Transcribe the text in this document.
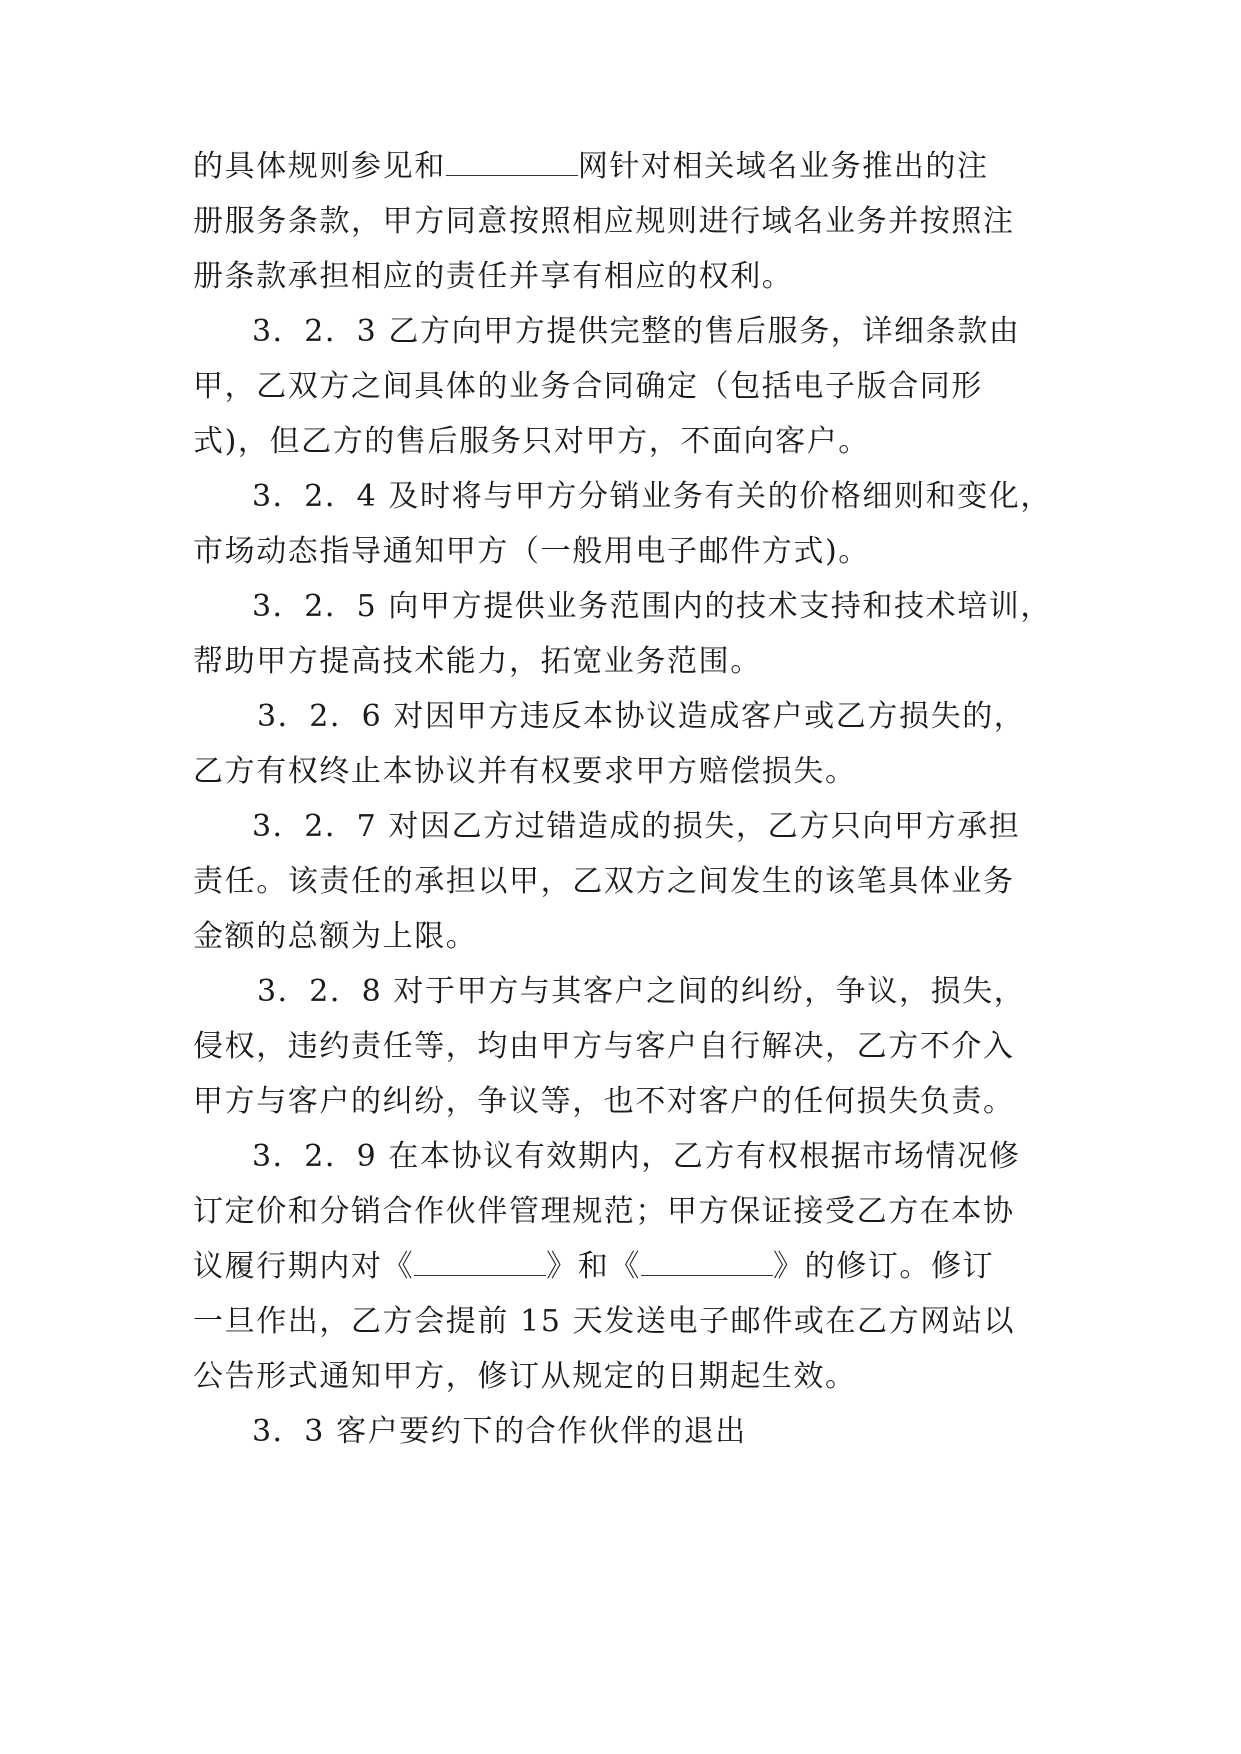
的具体规则参见和	网针对相关域名业务推出的注
册服务条款，甲方同意按照相应规则进行域名业务并按照注
册条款承担相应的责任并享有相应的权利。
3．2．3 乙方向甲方提供完整的售后服务，详细条款由
甲，乙双方之间具体的业务合同确定（包括电子版合同形
式)，但乙方的售后服务只对甲方，不面向客户。
3．2．4 及时将与甲方分销业务有关的价格细则和变化，
市场动态指导通知甲方（一般用电子邮件方式)。
3．2．5 向甲方提供业务范围内的技术支持和技术培训，
帮助甲方提高技术能力，拓宽业务范围。
3．2．6 对因甲方违反本协议造成客户或乙方损失的，
乙方有权终止本协议并有权要求甲方赔偿损失。
3．2．7 对因乙方过错造成的损失，乙方只向甲方承担
责任。该责任的承担以甲，乙双方之间发生的该笔具体业务
金额的总额为上限。
3．2．8 对于甲方与其客户之间的纠纷，争议，损失，
侵权，违约责任等，均由甲方与客户自行解决，乙方不介入
甲方与客户的纠纷，争议等，也不对客户的任何损失负责。
3．2．9 在本协议有效期内，乙方有权根据市场情况修
订定价和分销合作伙伴管理规范；甲方保证接受乙方在本协
议履行期内对《	》和《	》的修订。修订
一旦作出，乙方会提前 15 天发送电子邮件或在乙方网站以
公告形式通知甲方，修订从规定的日期起生效。
3．3 客户要约下的合作伙伴的退出
